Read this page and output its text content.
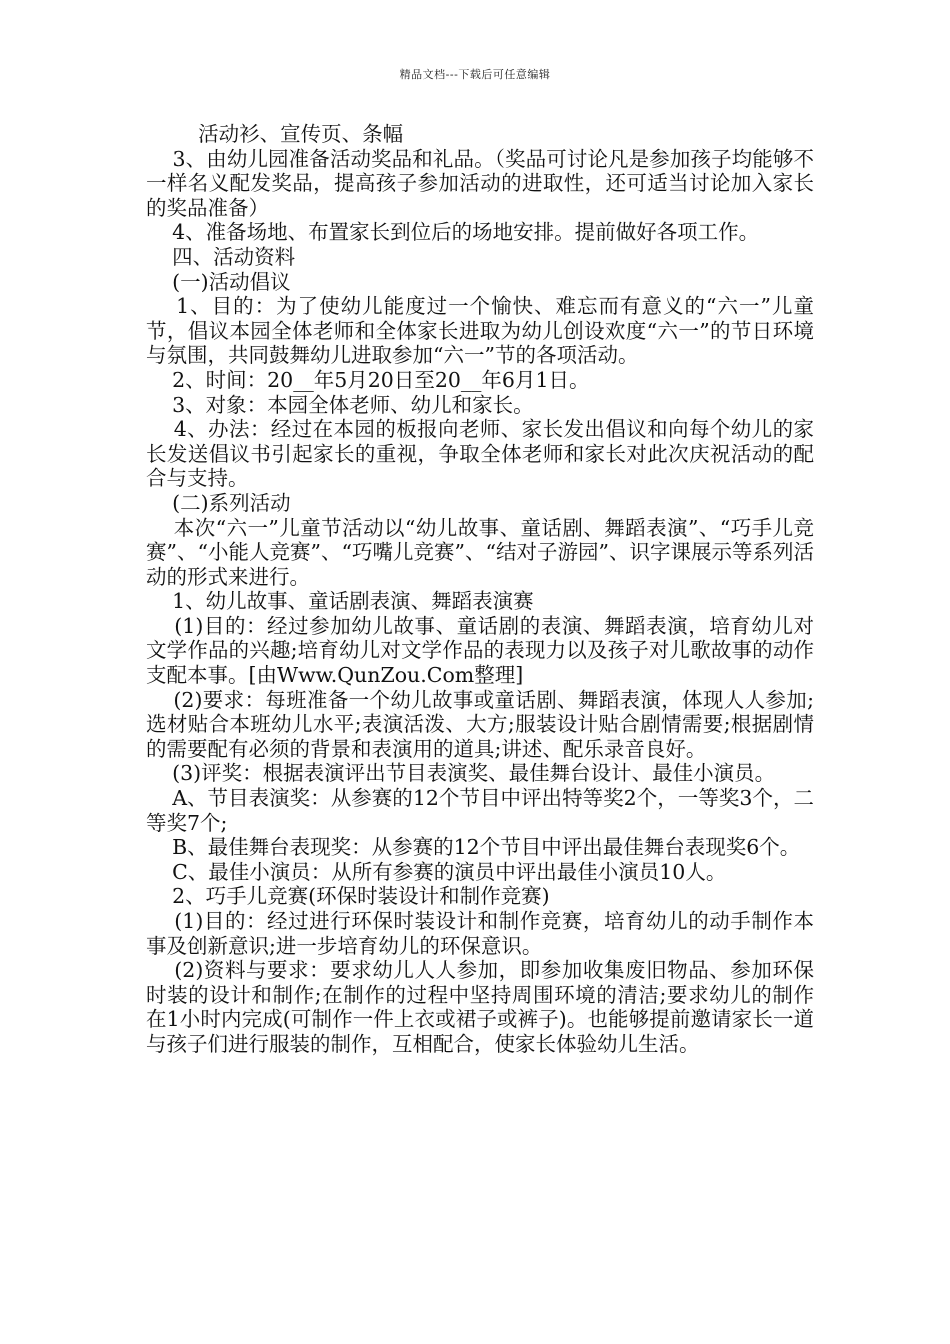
精品文档---下载后可任意编辑

活动衫、宣传页、条幅

3、由幼儿园准备活动奖品和礼品。（奖品可讨论凡是参加孩子均能够不一样名义配发奖品，提高孩子参加活动的进取性，还可适当讨论加入家长的奖品准备）

4、准备场地、布置家长到位后的场地安排。提前做好各项工作。

四、活动资料

(一)活动倡议

1、目的：为了使幼儿能度过一个愉快、难忘而有意义的“六一”儿童节，倡议本园全体老师和全体家长进取为幼儿创设欢度“六一”的节日环境与氛围，共同鼓舞幼儿进取参加“六一”节的各项活动。

2、时间：20__年5月20日至20__年6月1日。

3、对象：本园全体老师、幼儿和家长。

4、办法：经过在本园的板报向老师、家长发出倡议和向每个幼儿的家长发送倡议书引起家长的重视，争取全体老师和家长对此次庆祝活动的配合与支持。

(二)系列活动

本次“六一”儿童节活动以“幼儿故事、童话剧、舞蹈表演”、“巧手儿竞赛”、“小能人竞赛”、“巧嘴儿竞赛”、“结对子游园”、识字课展示等系列活动的形式来进行。

1、幼儿故事、童话剧表演、舞蹈表演赛

(1)目的：经过参加幼儿故事、童话剧的表演、舞蹈表演，培育幼儿对文学作品的兴趣;培育幼儿对文学作品的表现力以及孩子对儿歌故事的动作支配本事。[由Www.QunZou.Com整理]

(2)要求：每班准备一个幼儿故事或童话剧、舞蹈表演，体现人人参加;选材贴合本班幼儿水平;表演活泼、大方;服装设计贴合剧情需要;根据剧情的需要配有必须的背景和表演用的道具;讲述、配乐录音良好。

(3)评奖：根据表演评出节目表演奖、最佳舞台设计、最佳小演员。

A、节目表演奖：从参赛的12个节目中评出特等奖2个，一等奖3个，二等奖7个;

B、最佳舞台表现奖：从参赛的12个节目中评出最佳舞台表现奖6个。

C、最佳小演员：从所有参赛的演员中评出最佳小演员10人。

2、巧手儿竞赛(环保时装设计和制作竞赛)

(1)目的：经过进行环保时装设计和制作竞赛，培育幼儿的动手制作本事及创新意识;进一步培育幼儿的环保意识。

(2)资料与要求：要求幼儿人人参加，即参加收集废旧物品、参加环保时装的设计和制作;在制作的过程中坚持周围环境的清洁;要求幼儿的制作在1小时内完成(可制作一件上衣或裙子或裤子)。也能够提前邀请家长一道与孩子们进行服装的制作，互相配合，使家长体验幼儿生活。
